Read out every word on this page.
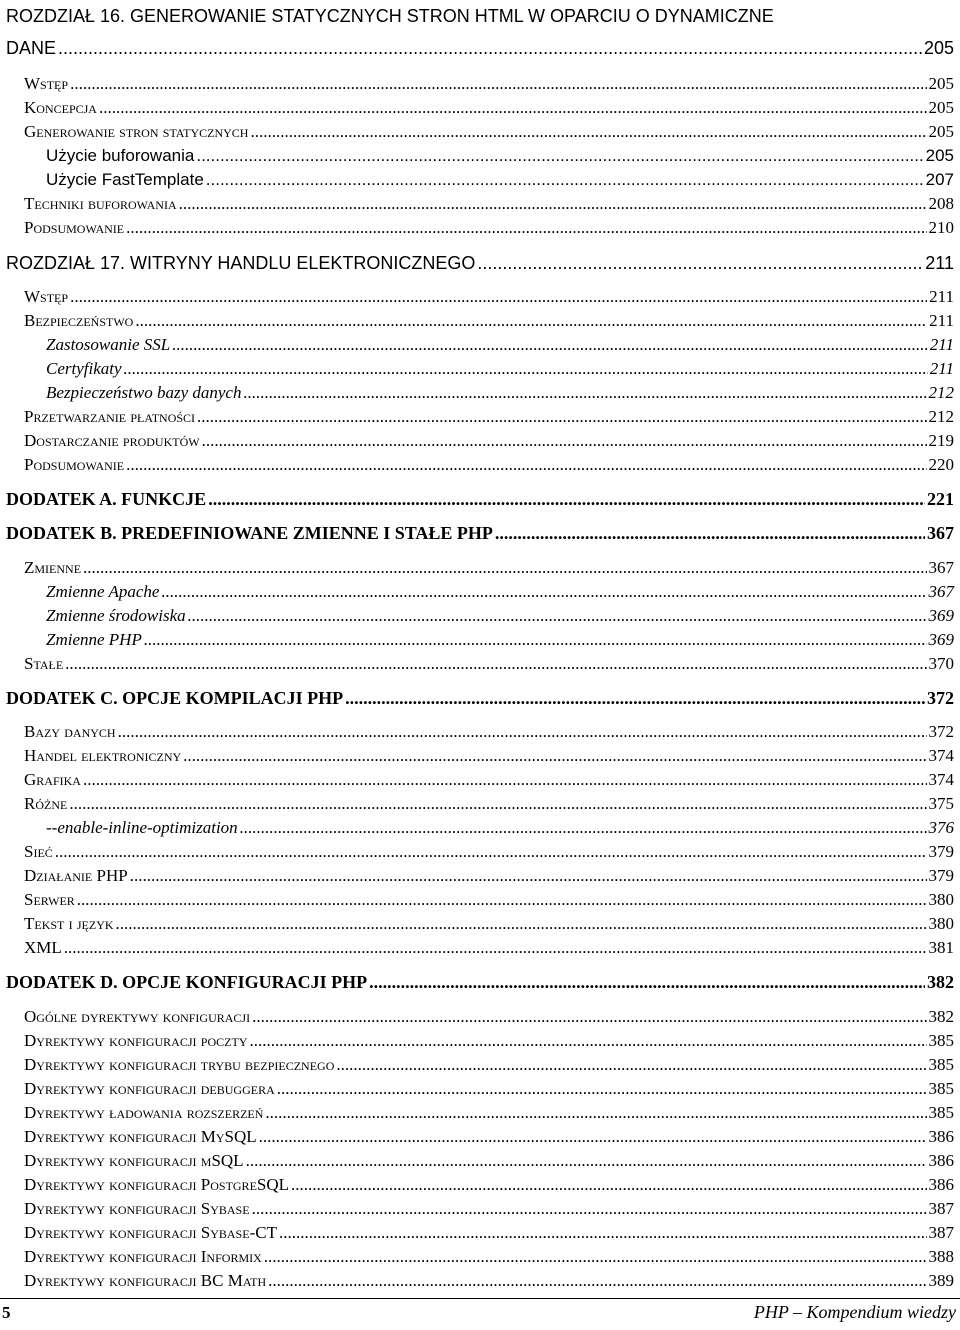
ROZDZIAŁ 16. GENEROWANIE STATYCZNYCH STRON HTML W OPARCIU O DYNAMICZNE
DANE .....	205
Wstęp .....	205
Koncepcja .....	205
Generowanie stron statycznych .....	205
Użycie buforowania .....	205
Użycie FastTemplate .....	207
Techniki buforowania .....	208
Podsumowanie .....	210
ROZDZIAŁ 17. WITRYNY HANDLU ELEKTRONICZNEGO .....	211
Wstęp .....	211
Bezpieczeństwo .....	211
Zastosowanie SSL .....	211
Certyfikaty .....	211
Bezpieczeństwo bazy danych .....	212
Przetwarzanie płatności .....	212
Dostarczanie produktów .....	219
Podsumowanie .....	220
DODATEK A. FUNKCJE .....	221
DODATEK B. PREDEFINIOWANE ZMIENNE I STAŁE PHP .....	367
Zmienne .....	367
Zmienne Apache .....	367
Zmienne środowiska .....	369
Zmienne PHP .....	369
Stałe .....	370
DODATEK C. OPCJE KOMPILACJI PHP .....	372
Bazy danych .....	372
Handel elektroniczny .....	374
Grafika .....	374
Różne .....	375
--enable-inline-optimization .....	376
Sieć .....	379
Działanie PHP .....	379
Serwer .....	380
Tekst i język .....	380
XML .....	381
DODATEK D. OPCJE KONFIGURACJI PHP .....	382
Ogólne dyrektywy konfiguracji .....	382
Dyrektywy konfiguracji poczty .....	385
Dyrektywy konfiguracji trybu bezpiecznego .....	385
Dyrektywy konfiguracji debuggera .....	385
Dyrektywy ładowania rozszerzeń .....	385
Dyrektywy konfiguracji MySQL .....	386
Dyrektywy konfiguracji mSQL .....	386
Dyrektywy konfiguracji PostgreSQL .....	386
Dyrektywy konfiguracji Sybase .....	387
Dyrektywy konfiguracji Sybase-CT .....	387
Dyrektywy konfiguracji Informix .....	388
Dyrektywy konfiguracji BC Math .....	389
5	PHP – Kompendium wiedzy
